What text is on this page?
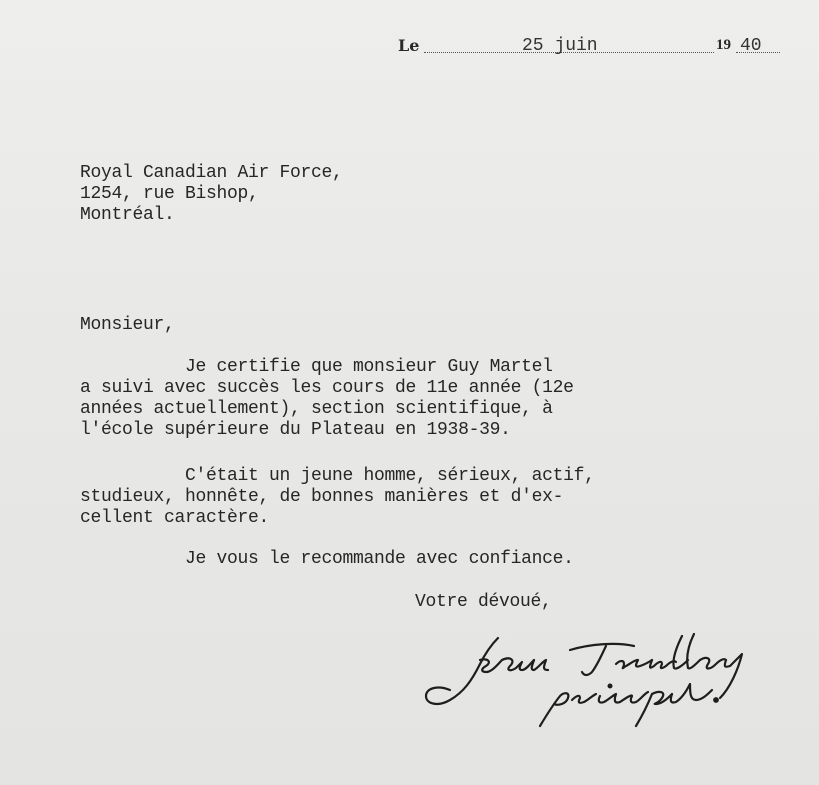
Le	25 juin	19 40

Royal Canadian Air Force,

1254, rue Bishop,

Montréal.

Monsieur,

Je certifie que monsieur Guy Martel

a suivi avec succès les cours de 11e année (12e

années actuellement), section scientifique, à

l'école supérieure du Plateau en 1938-39.

C'était un jeune homme, sérieux, actif,

studieux, honnête, de bonnes manières et d'ex-

cellent caractère.

Je vous le recommande avec confiance.

Votre dévoué,
